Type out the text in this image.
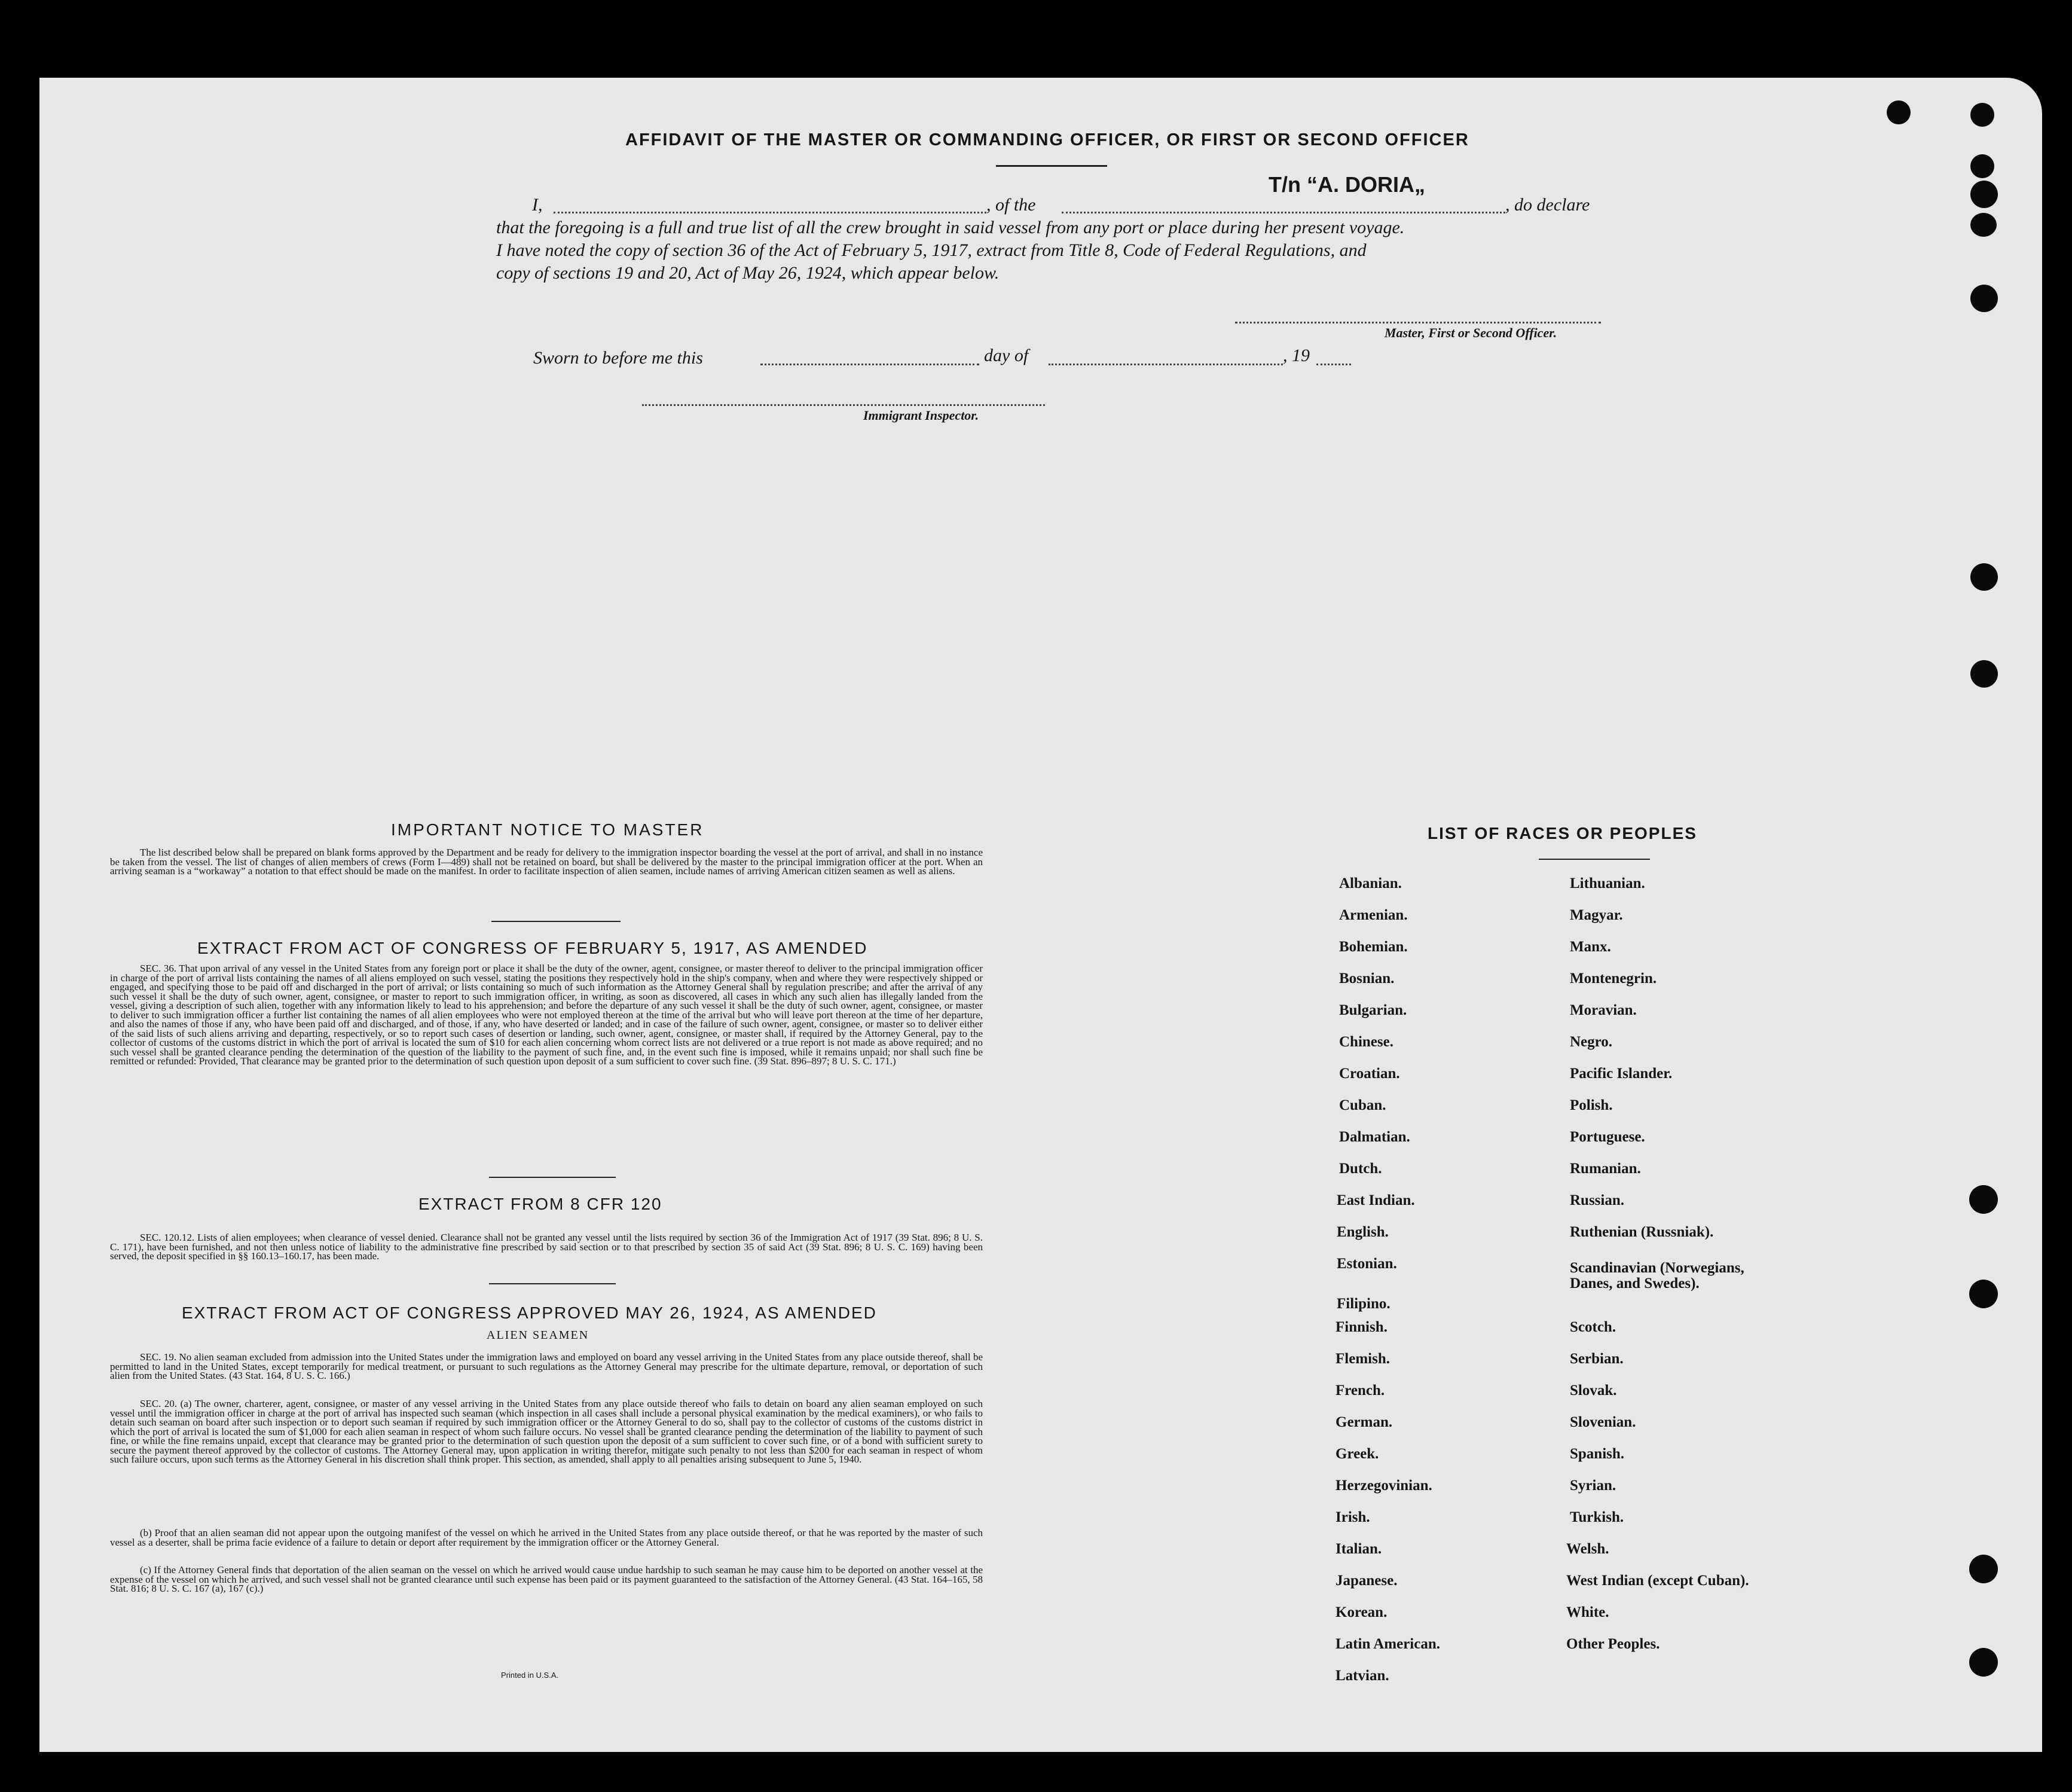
AFFIDAVIT OF THE MASTER OR COMMANDING OFFICER, OR FIRST OR SECOND OFFICER
T/n “A. DORIA„
I,	, of the	, do declare
that the foregoing is a full and true list of all the crew brought in said vessel from any port or place during her present voyage.
I have noted the copy of section 36 of the Act of February 5, 1917, extract from Title 8, Code of Federal Regulations, and
copy of sections 19 and 20, Act of May 26, 1924, which appear below.
Master, First or Second Officer.
Sworn to before me this	day of	, 19
Immigrant Inspector.
IMPORTANT NOTICE TO MASTER
The list described below shall be prepared on blank forms approved by the Department and be ready for delivery to the immigration inspector boarding the vessel at the port of arrival, and shall in no instance be taken from the vessel. The list of changes of alien members of crews (Form I—489) shall not be retained on board, but shall be delivered by the master to the principal immigration officer at the port. When an arriving seaman is a “workaway” a notation to that effect should be made on the manifest. In order to facilitate inspection of alien seamen, include names of arriving American citizen seamen as well as aliens.
EXTRACT FROM ACT OF CONGRESS OF FEBRUARY 5, 1917, AS AMENDED
SEC. 36. That upon arrival of any vessel in the United States from any foreign port or place it shall be the duty of the owner, agent, consignee, or master thereof to deliver to the principal immigration officer in charge of the port of arrival lists containing the names of all aliens employed on such vessel, stating the positions they respectively hold in the ship's company, when and where they were respectively shipped or engaged, and specifying those to be paid off and discharged in the port of arrival; or lists containing so much of such information as the Attorney General shall by regulation prescribe; and after the arrival of any such vessel it shall be the duty of such owner, agent, consignee, or master to report to such immigration officer, in writing, as soon as discovered, all cases in which any such alien has illegally landed from the vessel, giving a description of such alien, together with any information likely to lead to his apprehension; and before the departure of any such vessel it shall be the duty of such owner, agent, consignee, or master to deliver to such immigration officer a further list containing the names of all alien employees who were not employed thereon at the time of the arrival but who will leave port thereon at the time of her departure, and also the names of those if any, who have been paid off and discharged, and of those, if any, who have deserted or landed; and in case of the failure of such owner, agent, consignee, or master so to deliver either of the said lists of such aliens arriving and departing, respectively, or so to report such cases of desertion or landing, such owner, agent, consignee, or master shall, if required by the Attorney General, pay to the collector of customs of the customs district in which the port of arrival is located the sum of $10 for each alien concerning whom correct lists are not delivered or a true report is not made as above required; and no such vessel shall be granted clearance pending the determination of the question of the liability to the payment of such fine, and, in the event such fine is imposed, while it remains unpaid; nor shall such fine be remitted or refunded: Provided, That clearance may be granted prior to the determination of such question upon deposit of a sum sufficient to cover such fine. (39 Stat. 896–897; 8 U. S. C. 171.)
EXTRACT FROM 8 CFR 120
SEC. 120.12. Lists of alien employees; when clearance of vessel denied. Clearance shall not be granted any vessel until the lists required by section 36 of the Immigration Act of 1917 (39 Stat. 896; 8 U. S. C. 171), have been furnished, and not then unless notice of liability to the administrative fine prescribed by said section or to that prescribed by section 35 of said Act (39 Stat. 896; 8 U. S. C. 169) having been served, the deposit specified in §§ 160.13–160.17, has been made.
EXTRACT FROM ACT OF CONGRESS APPROVED MAY 26, 1924, AS AMENDED
ALIEN SEAMEN
SEC. 19. No alien seaman excluded from admission into the United States under the immigration laws and employed on board any vessel arriving in the United States from any place outside thereof, shall be permitted to land in the United States, except temporarily for medical treatment, or pursuant to such regulations as the Attorney General may prescribe for the ultimate departure, removal, or deportation of such alien from the United States. (43 Stat. 164, 8 U. S. C. 166.)
SEC. 20. (a) The owner, charterer, agent, consignee, or master of any vessel arriving in the United States from any place outside thereof who fails to detain on board any alien seaman employed on such vessel until the immigration officer in charge at the port of arrival has inspected such seaman (which inspection in all cases shall include a personal physical examination by the medical examiners), or who fails to detain such seaman on board after such inspection or to deport such seaman if required by such immigration officer or the Attorney General to do so, shall pay to the collector of customs of the customs district in which the port of arrival is located the sum of $1,000 for each alien seaman in respect of whom such failure occurs. No vessel shall be granted clearance pending the determination of the liability to payment of such fine, or while the fine remains unpaid, except that clearance may be granted prior to the determination of such question upon the deposit of a sum sufficient to cover such fine, or of a bond with sufficient surety to secure the payment thereof approved by the collector of customs. The Attorney General may, upon application in writing therefor, mitigate such penalty to not less than $200 for each seaman in respect of whom such failure occurs, upon such terms as the Attorney General in his discretion shall think proper. This section, as amended, shall apply to all penalties arising subsequent to June 5, 1940.
(b) Proof that an alien seaman did not appear upon the outgoing manifest of the vessel on which he arrived in the United States from any place outside thereof, or that he was reported by the master of such vessel as a deserter, shall be prima facie evidence of a failure to detain or deport after requirement by the immigration officer or the Attorney General.
(c) If the Attorney General finds that deportation of the alien seaman on the vessel on which he arrived would cause undue hardship to such seaman he may cause him to be deported on another vessel at the expense of the vessel on which he arrived, and such vessel shall not be granted clearance until such expense has been paid or its payment guaranteed to the satisfaction of the Attorney General. (43 Stat. 164–165, 58 Stat. 816; 8 U. S. C. 167 (a), 167 (c).)
Printed in U.S.A.
LIST OF RACES OR PEOPLES
Albanian.
Armenian.
Bohemian.
Bosnian.
Bulgarian.
Chinese.
Croatian.
Cuban.
Dalmatian.
Dutch.
East Indian.
English.
Estonian.
Filipino.
Finnish.
Flemish.
French.
German.
Greek.
Herzegovinian.
Irish.
Italian.
Japanese.
Korean.
Latin American.
Latvian.
Lithuanian.
Magyar.
Manx.
Montenegrin.
Moravian.
Negro.
Pacific Islander.
Polish.
Portuguese.
Rumanian.
Russian.
Ruthenian (Russniak).
Scandinavian (Norwegians, Danes, and Swedes).
Scotch.
Serbian.
Slovak.
Slovenian.
Spanish.
Syrian.
Turkish.
Welsh.
West Indian (except Cuban).
White.
Other Peoples.
